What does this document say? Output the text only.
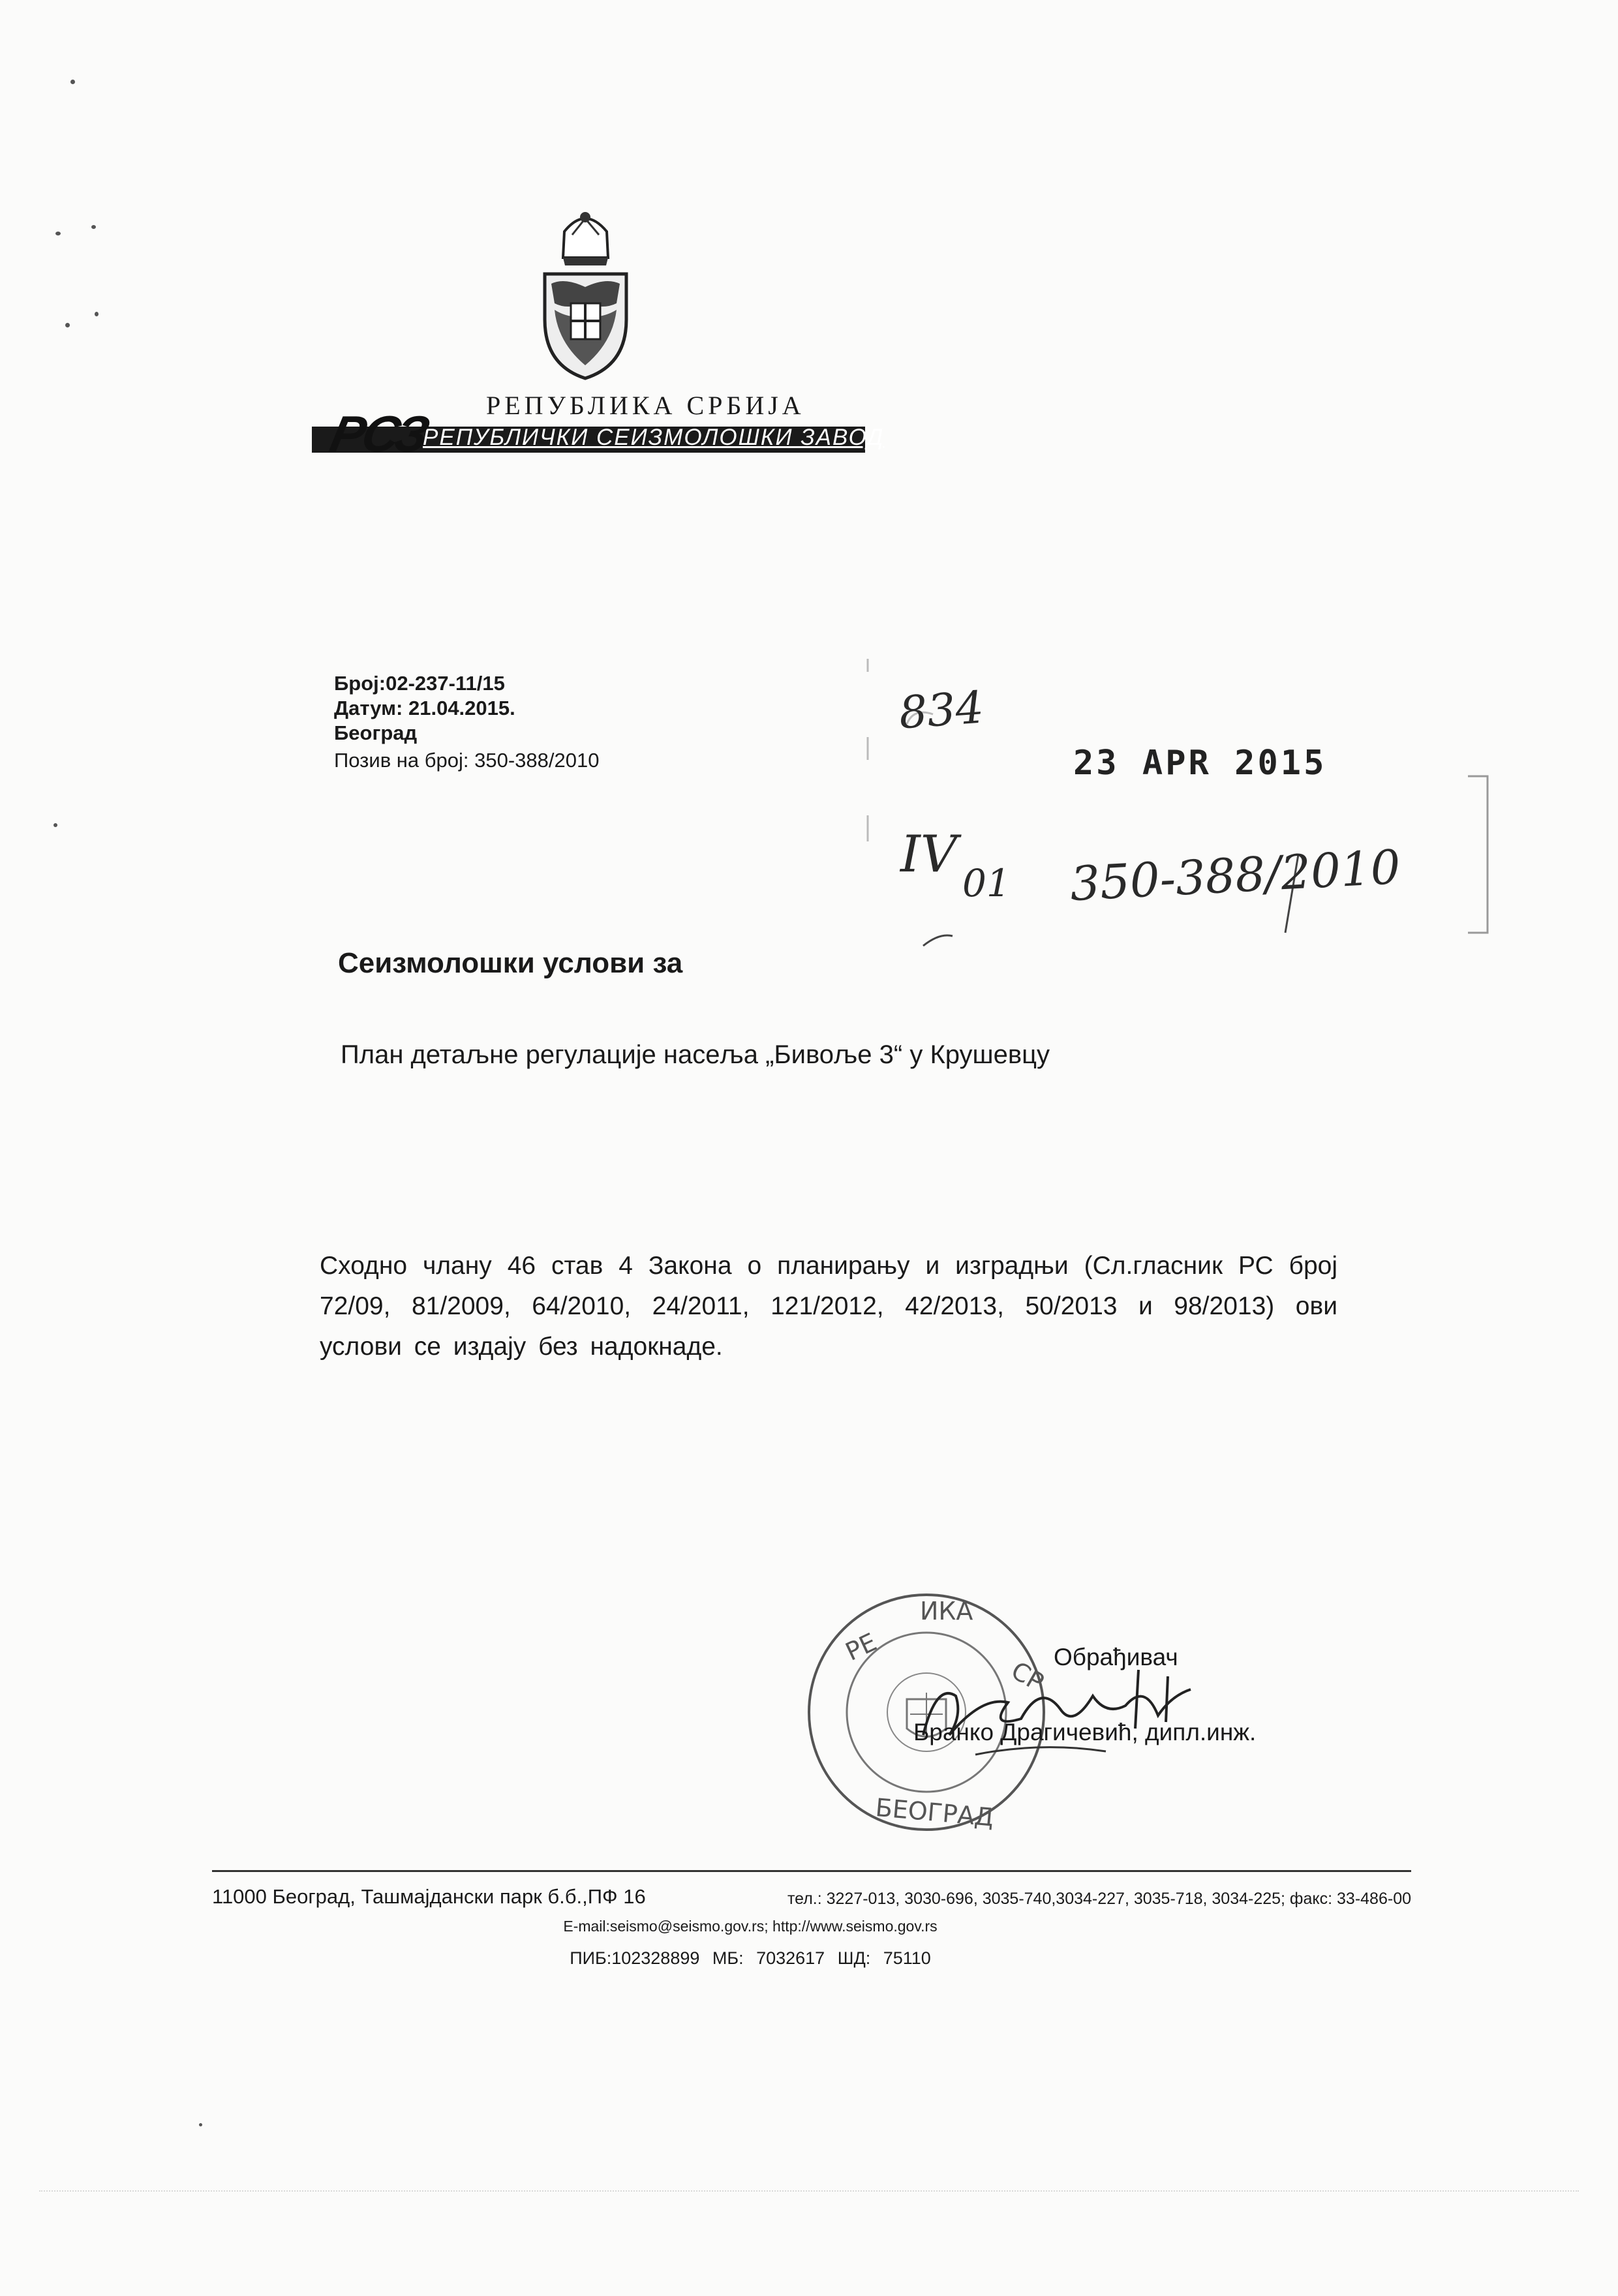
РЕПУБЛИКА СРБИЈА
РЕПУБЛИЧКИ СЕИЗМОЛОШКИ ЗАВОД
РСЗ
Број:02-237-11/15
Датум: 21.04.2015.
Београд
Позив на број: 350-388/2010
834
23 APR 2015
IV 01 350-388/2010
Сеизмолошки услови за
План детаљне регулације насеља „Бивоље 3“ у Крушевцу
Сходно члану 46 став 4 Закона о планирању и изградњи (Сл.гласник РС број 72/09, 81/2009, 64/2010, 24/2011, 121/2012, 42/2013, 50/2013 и 98/2013) ови услови се издају без надокнаде.
РЕ
ИКА
СР
БЕОГРАД
Обрађивач
Бранко Драгичевић, дипл.инж.
11000 Београд, Ташмајдански парк б.б.,ПФ 16	тел.: 3227-013, 3030-696, 3035-740,3034-227, 3035-718, 3034-225; факс: 33-486-00
E-mail:seismo@seismo.gov.rs; http://www.seismo.gov.rs
ПИБ:102328899 МБ: 7032617 ШД: 75110
